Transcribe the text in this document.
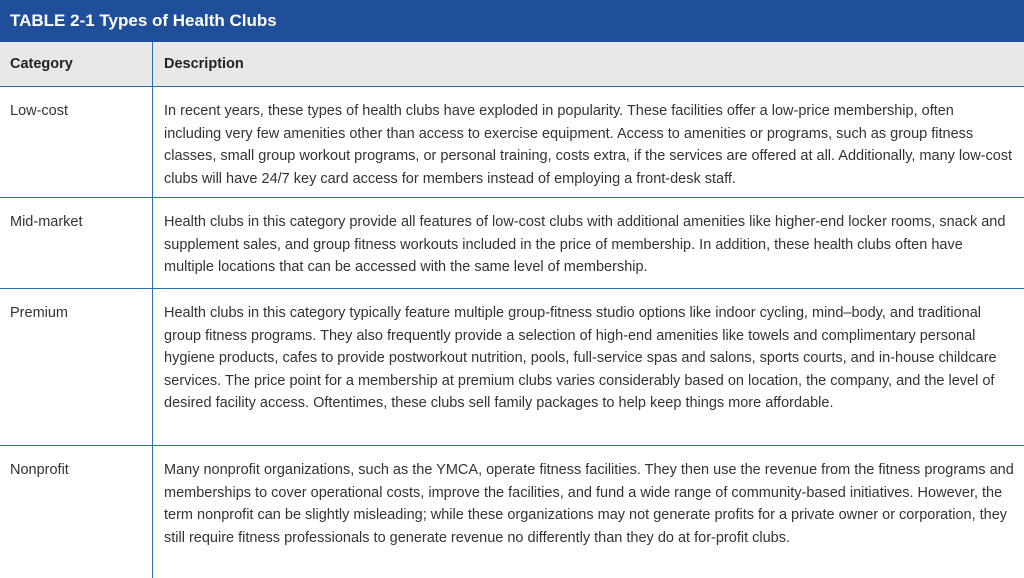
TABLE 2-1 Types of Health Clubs
Category	Description
Low-cost	In recent years, these types of health clubs have exploded in popularity. These facilities offer a low-price membership, often including very few amenities other than access to exercise equipment. Access to amenities or programs, such as group fitness classes, small group workout programs, or personal training, costs extra, if the services are offered at all. Additionally, many low-cost clubs will have 24/7 key card access for members instead of employing a front-desk staff.
Mid-market	Health clubs in this category provide all features of low-cost clubs with additional amenities like higher-end locker rooms, snack and supplement sales, and group fitness workouts included in the price of membership. In addition, these health clubs often have multiple locations that can be accessed with the same level of membership.
Premium	Health clubs in this category typically feature multiple group-fitness studio options like indoor cycling, mind–body, and traditional group fitness programs. They also frequently provide a selection of high-end amenities like towels and complimentary personal hygiene products, cafes to provide postworkout nutrition, pools, full-service spas and salons, sports courts, and in-house childcare services. The price point for a membership at premium clubs varies considerably based on location, the company, and the level of desired facility access. Oftentimes, these clubs sell family packages to help keep things more affordable.
Nonprofit	Many nonprofit organizations, such as the YMCA, operate fitness facilities. They then use the revenue from the fitness programs and memberships to cover operational costs, improve the facilities, and fund a wide range of community-based initiatives. However, the term nonprofit can be slightly misleading; while these organizations may not generate profits for a private owner or corporation, they still require fitness professionals to generate revenue no differently than they do at for-profit clubs.
